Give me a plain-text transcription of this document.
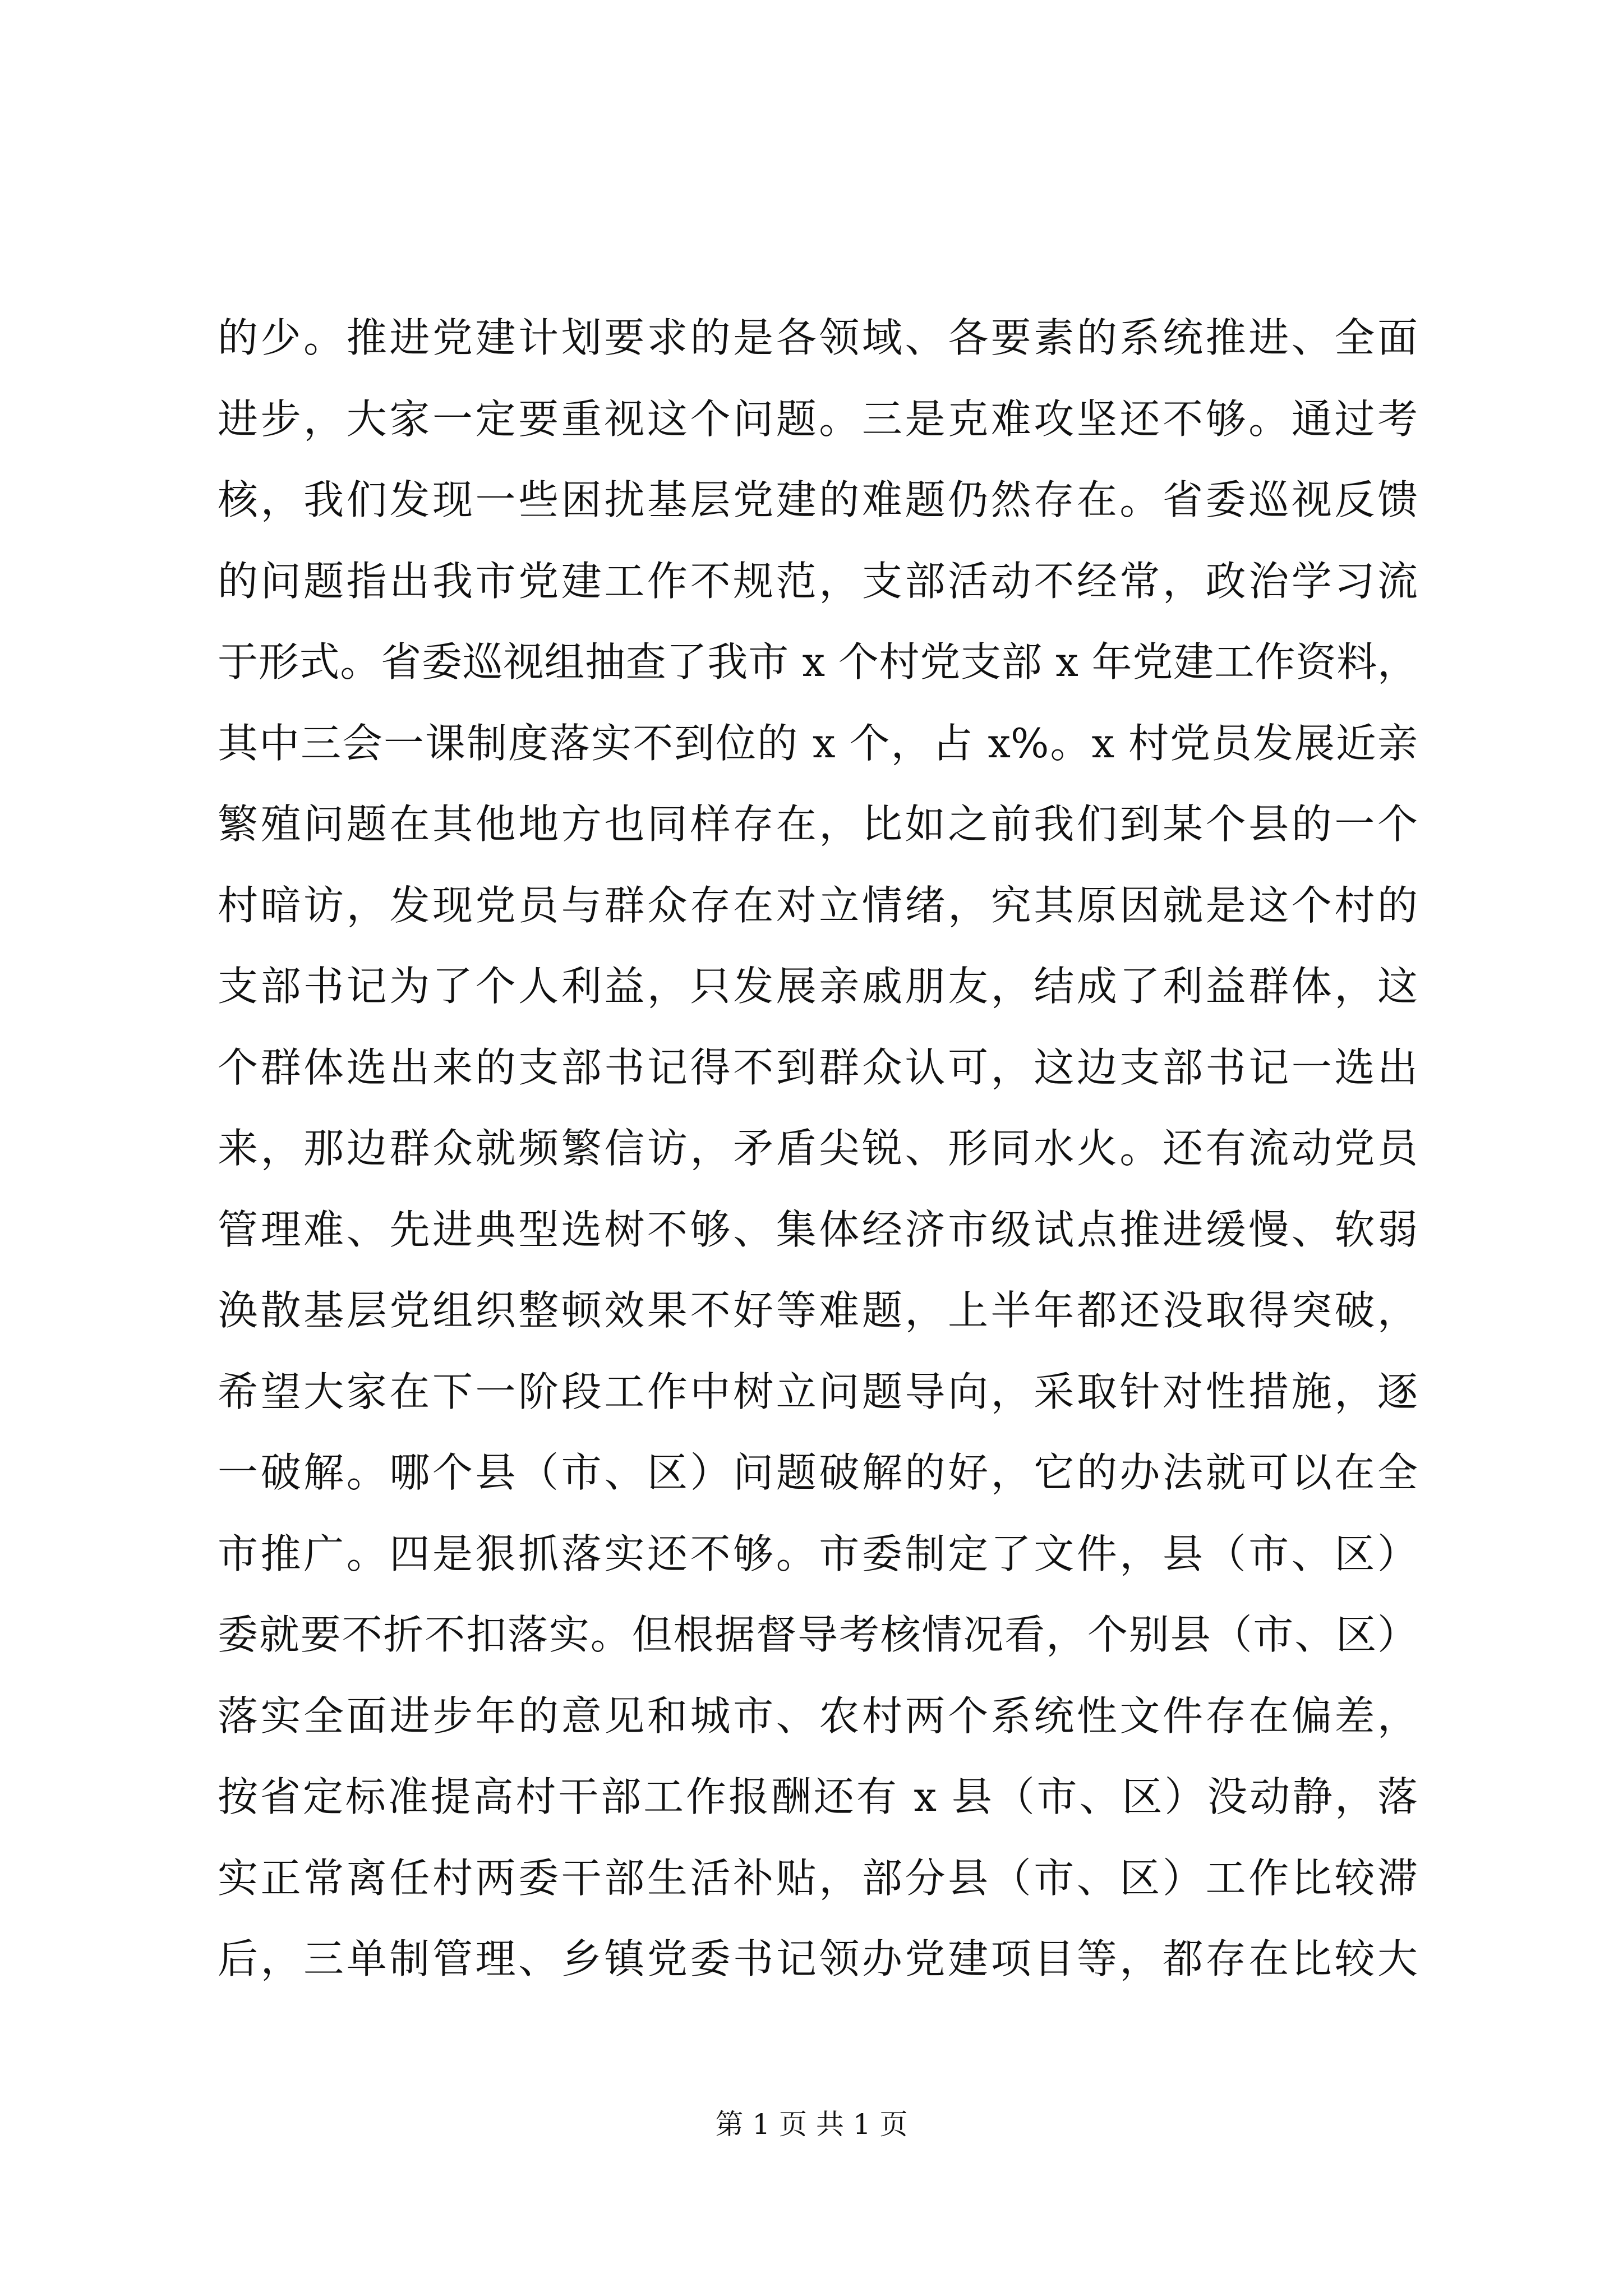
的少。推进党建计划要求的是各领域、各要素的系统推进、全面
进步，大家一定要重视这个问题。三是克难攻坚还不够。通过考
核，我们发现一些困扰基层党建的难题仍然存在。省委巡视反馈
的问题指出我市党建工作不规范，支部活动不经常，政治学习流
于形式。省委巡视组抽查了我市 x 个村党支部 x 年党建工作资料，
其中三会一课制度落实不到位的 x 个，占 x%。x 村党员发展近亲
繁殖问题在其他地方也同样存在，比如之前我们到某个县的一个
村暗访，发现党员与群众存在对立情绪，究其原因就是这个村的
支部书记为了个人利益，只发展亲戚朋友，结成了利益群体，这
个群体选出来的支部书记得不到群众认可，这边支部书记一选出
来，那边群众就频繁信访，矛盾尖锐、形同水火。还有流动党员
管理难、先进典型选树不够、集体经济市级试点推进缓慢、软弱
涣散基层党组织整顿效果不好等难题，上半年都还没取得突破，
希望大家在下一阶段工作中树立问题导向，采取针对性措施，逐
一破解。哪个县（市、区）问题破解的好，它的办法就可以在全
市推广。四是狠抓落实还不够。市委制定了文件，县（市、区）
委就要不折不扣落实。但根据督导考核情况看，个别县（市、区）
落实全面进步年的意见和城市、农村两个系统性文件存在偏差，
按省定标准提高村干部工作报酬还有 x 县（市、区）没动静，落
实正常离任村两委干部生活补贴，部分县（市、区）工作比较滞
后，三单制管理、乡镇党委书记领办党建项目等，都存在比较大
第 1 页 共 1 页
